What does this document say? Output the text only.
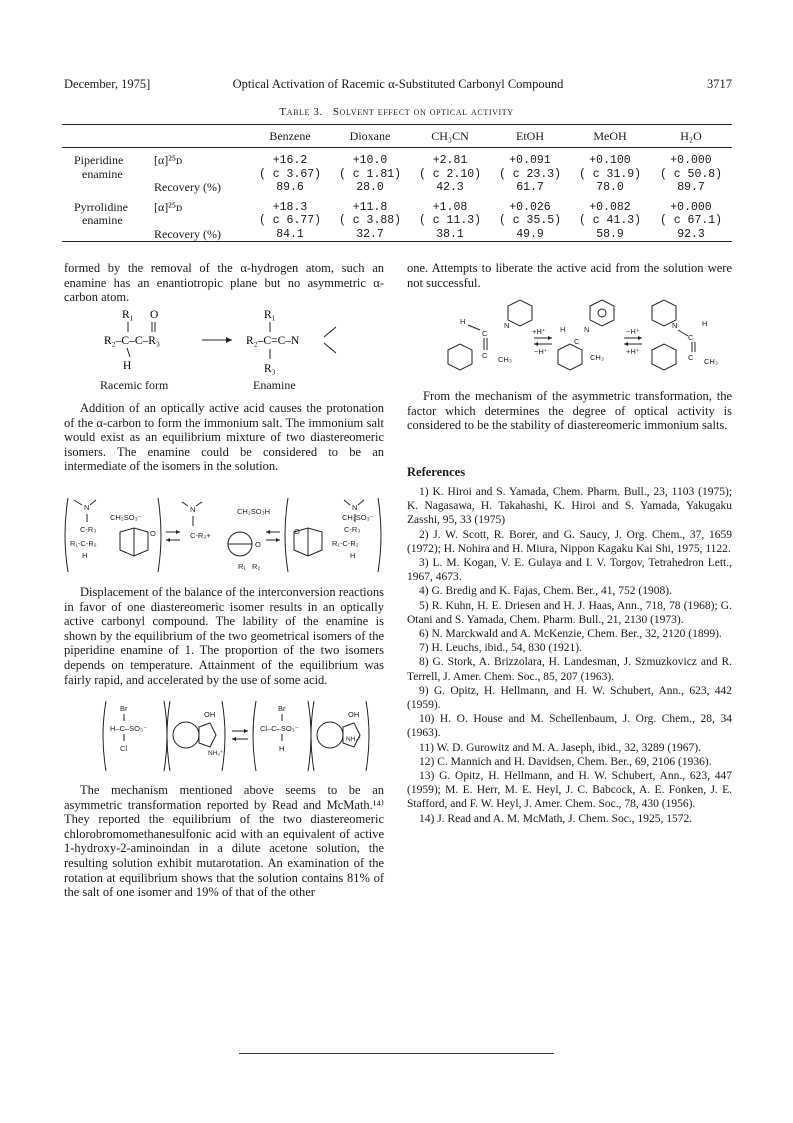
December, 1975]	Optical Activation of Racemic α-Substituted Carbonyl Compound	3717
Table 3. Solvent effect on optical activity
		Benzene	Dioxane	CH₃CN	EtOH	MeOH	H₂O

Piperidine	[α]²⁵ᴅ	+16.2	+10.0	+2.81	+0.091	+0.100	+0.000
enamine		( c 3.67)	( c 1.81)	( c 2.10)	( c 23.3)	( c 31.9)	( c 50.8)
	Recovery (%)	89.6	28.0	42.3	61.7	78.0	89.7

Pyrrolidine	[α]²⁵ᴅ	+18.3	+11.8	+1.08	+0.026	+0.082	+0.000
enamine		( c 6.77)	( c 3.88)	( c 11.3)	( c 35.5)	( c 41.3)	( c 67.1)
	Recovery (%)	84.1	32.7	38.1	49.9	58.9	92.3

formed by the removal of the α-hydrogen atom, such an enamine has an enantiotropic plane but no asymmetric α-carbon atom.

R₁ O
R₂–C–C–R₃
H
R₁
R₂–C=C–N
R₃
Racemic form	Enamine

Addition of an optically active acid causes the protonation of the α-carbon to form the immonium salt. The immonium salt would exist as an equilibrium mixture of two diastereomeric isomers. The enamine could be considered to be an intermediate of the isomers in the solution.

N
C-R₃
R₁-C-R₂
H
CH₂SO₃⁻
O
N
C-R₃+
CH₂SO₃H
O
R₁ R₂
CH₂SO₃⁻
O
N
C-R₃
R₁-C-R₂
H

Displacement of the balance of the interconversion reactions in favor of one diastereomeric isomer results in an optically active carbonyl compound. The lability of the enamine is shown by the equilibrium of the two geometrical isomers of the piperidine enamine of 1. The proportion of the two isomers depends on temperature. Attainment of the equilibrium was fairly rapid, and accelerated by the use of some acid.

Br
H–C–SO₃⁻
Cl
OH
NH₃⁺
Br
Cl–C–SO₃⁻
H
OH
NH₃⁺

The mechanism mentioned above seems to be an asymmetric transformation reported by Read and McMath.¹⁴⁾ They reported the equilibrium of the two diastereomeric chlorobromomethanesulfonic acid with an equivalent of active 1-hydroxy-2-aminoindan in a dilute acetone solution, the resulting solution exhibit mutarotation. An examination of the rotation at equilibrium shows that the solution contains 81% of the salt of one isomer and 19% of that of the other

one. Attempts to liberate the active acid from the solution were not successful.

N
H
C
C CH₃
+H⁺
−H⁺
H N
C
CH₃
−H⁺
+H⁺
N
C
H
C CH₃

From the mechanism of the asymmetric transformation, the factor which determines the degree of optical activity is considered to be the stability of diastereomeric immonium salts.

References

1) K. Hiroi and S. Yamada, Chem. Pharm. Bull., 23, 1103 (1975); K. Nagasawa, H. Takahashi, K. Hiroi and S. Yamada, Yakugaku Zasshi, 95, 33 (1975)

2) J. W. Scott, R. Borer, and G. Saucy, J. Org. Chem., 37, 1659 (1972); H. Nohira and H. Miura, Nippon Kagaku Kai Shi, 1975, 1122.

3) L. M. Kogan, V. E. Gulaya and I. V. Torgov, Tetrahedron Lett., 1967, 4673.

4) G. Bredig and K. Fajas, Chem. Ber., 41, 752 (1908).

5) R. Kuhn, H. E. Driesen and H. J. Haas, Ann., 718, 78 (1968); G. Otani and S. Yamada, Chem. Pharm. Bull., 21, 2130 (1973).

6) N. Marckwald and A. McKenzie, Chem. Ber., 32, 2120 (1899).

7) H. Leuchs, ibid., 54, 830 (1921).

8) G. Stork, A. Brizzolara, H. Landesman, J. Szmuzkovicz and R. Terrell, J. Amer. Chem. Soc., 85, 207 (1963).

9) G. Opitz, H. Hellmann, and H. W. Schubert, Ann., 623, 442 (1959).

10) H. O. House and M. Schellenbaum, J. Org. Chem., 28, 34 (1963).

11) W. D. Gurowitz and M. A. Jaseph, ibid., 32, 3289 (1967).

12) C. Mannich and H. Davidsen, Chem. Ber., 69, 2106 (1936).

13) G. Opitz, H. Hellmann, and H. W. Schubert, Ann., 623, 447 (1959); M. E. Herr, M. E. Heyl, J. C. Babcock, A. E. Fonken, J. E. Stafford, and F. W. Heyl, J. Amer. Chem. Soc., 78, 430 (1956).

14) J. Read and A. M. McMath, J. Chem. Soc., 1925, 1572.
